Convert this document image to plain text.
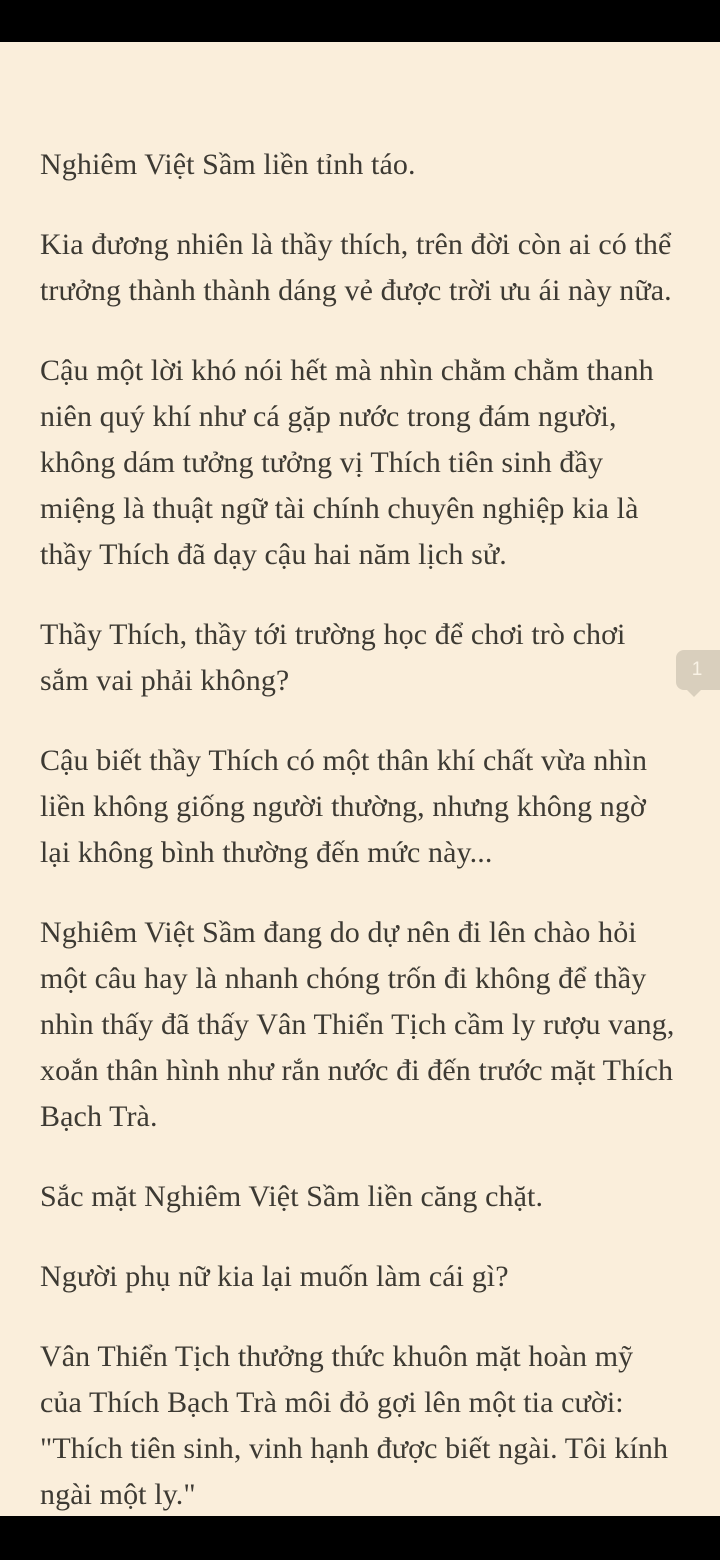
Nghiêm Việt Sầm liền tỉnh táo.

Kia đương nhiên là thầy thích, trên đời còn ai có thể trưởng thành thành dáng vẻ được trời ưu ái này nữa.

Cậu một lời khó nói hết mà nhìn chằm chằm thanh niên quý khí như cá gặp nước trong đám người, không dám tưởng tưởng vị Thích tiên sinh đầy miệng là thuật ngữ tài chính chuyên nghiệp kia là thầy Thích đã dạy cậu hai năm lịch sử.

Thầy Thích, thầy tới trường học để chơi trò chơi sắm vai phải không?

Cậu biết thầy Thích có một thân khí chất vừa nhìn liền không giống người thường, nhưng không ngờ lại không bình thường đến mức này...

Nghiêm Việt Sầm đang do dự nên đi lên chào hỏi một câu hay là nhanh chóng trốn đi không để thầy nhìn thấy đã thấy Vân Thiển Tịch cầm ly rượu vang, xoắn thân hình như rắn nước đi đến trước mặt Thích Bạch Trà.

Sắc mặt Nghiêm Việt Sầm liền căng chặt.

Người phụ nữ kia lại muốn làm cái gì?

Vân Thiển Tịch thưởng thức khuôn mặt hoàn mỹ của Thích Bạch Trà môi đỏ gợi lên một tia cười: "Thích tiên sinh, vinh hạnh được biết ngài. Tôi kính ngài một ly."

1
